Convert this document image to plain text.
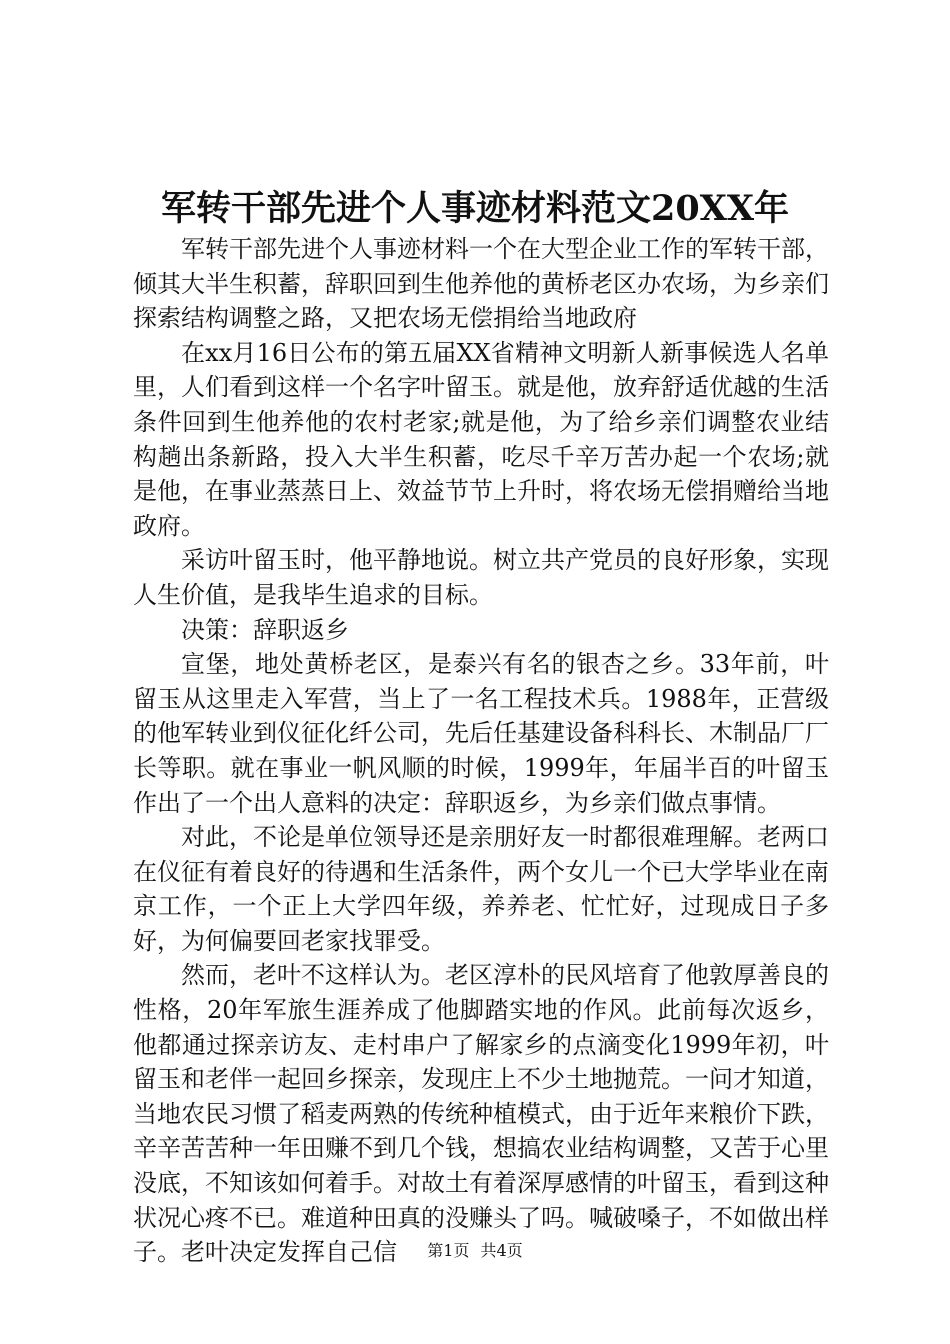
军转干部先进个人事迹材料范文20XX年

军转干部先进个人事迹材料一个在大型企业工作的军转干部，倾其大半生积蓄，辞职回到生他养他的黄桥老区办农场，为乡亲们探索结构调整之路，又把农场无偿捐给当地政府

在xx月16日公布的第五届XX省精神文明新人新事候选人名单里，人们看到这样一个名字叶留玉。就是他，放弃舒适优越的生活条件回到生他养他的农村老家;就是他，为了给乡亲们调整农业结构趟出条新路，投入大半生积蓄，吃尽千辛万苦办起一个农场;就是他，在事业蒸蒸日上、效益节节上升时，将农场无偿捐赠给当地政府。

采访叶留玉时，他平静地说。树立共产党员的良好形象，实现人生价值，是我毕生追求的目标。

决策：辞职返乡

宣堡，地处黄桥老区，是泰兴有名的银杏之乡。33年前，叶留玉从这里走入军营，当上了一名工程技术兵。1988年，正营级的他军转业到仪征化纤公司，先后任基建设备科科长、木制品厂厂长等职。就在事业一帆风顺的时候，1999年，年届半百的叶留玉作出了一个出人意料的决定：辞职返乡，为乡亲们做点事情。

对此，不论是单位领导还是亲朋好友一时都很难理解。老两口在仪征有着良好的待遇和生活条件，两个女儿一个已大学毕业在南京工作，一个正上大学四年级，养养老、忙忙好，过现成日子多好，为何偏要回老家找罪受。

然而，老叶不这样认为。老区淳朴的民风培育了他敦厚善良的性格，20年军旅生涯养成了他脚踏实地的作风。此前每次返乡，他都通过探亲访友、走村串户了解家乡的点滴变化1999年初，叶留玉和老伴一起回乡探亲，发现庄上不少土地抛荒。一问才知道，当地农民习惯了稻麦两熟的传统种植模式，由于近年来粮价下跌，辛辛苦苦种一年田赚不到几个钱，想搞农业结构调整，又苦于心里没底，不知该如何着手。对故土有着深厚感情的叶留玉，看到这种状况心疼不已。难道种田真的没赚头了吗。喊破嗓子，不如做出样子。老叶决定发挥自己信	第1页 共4页
